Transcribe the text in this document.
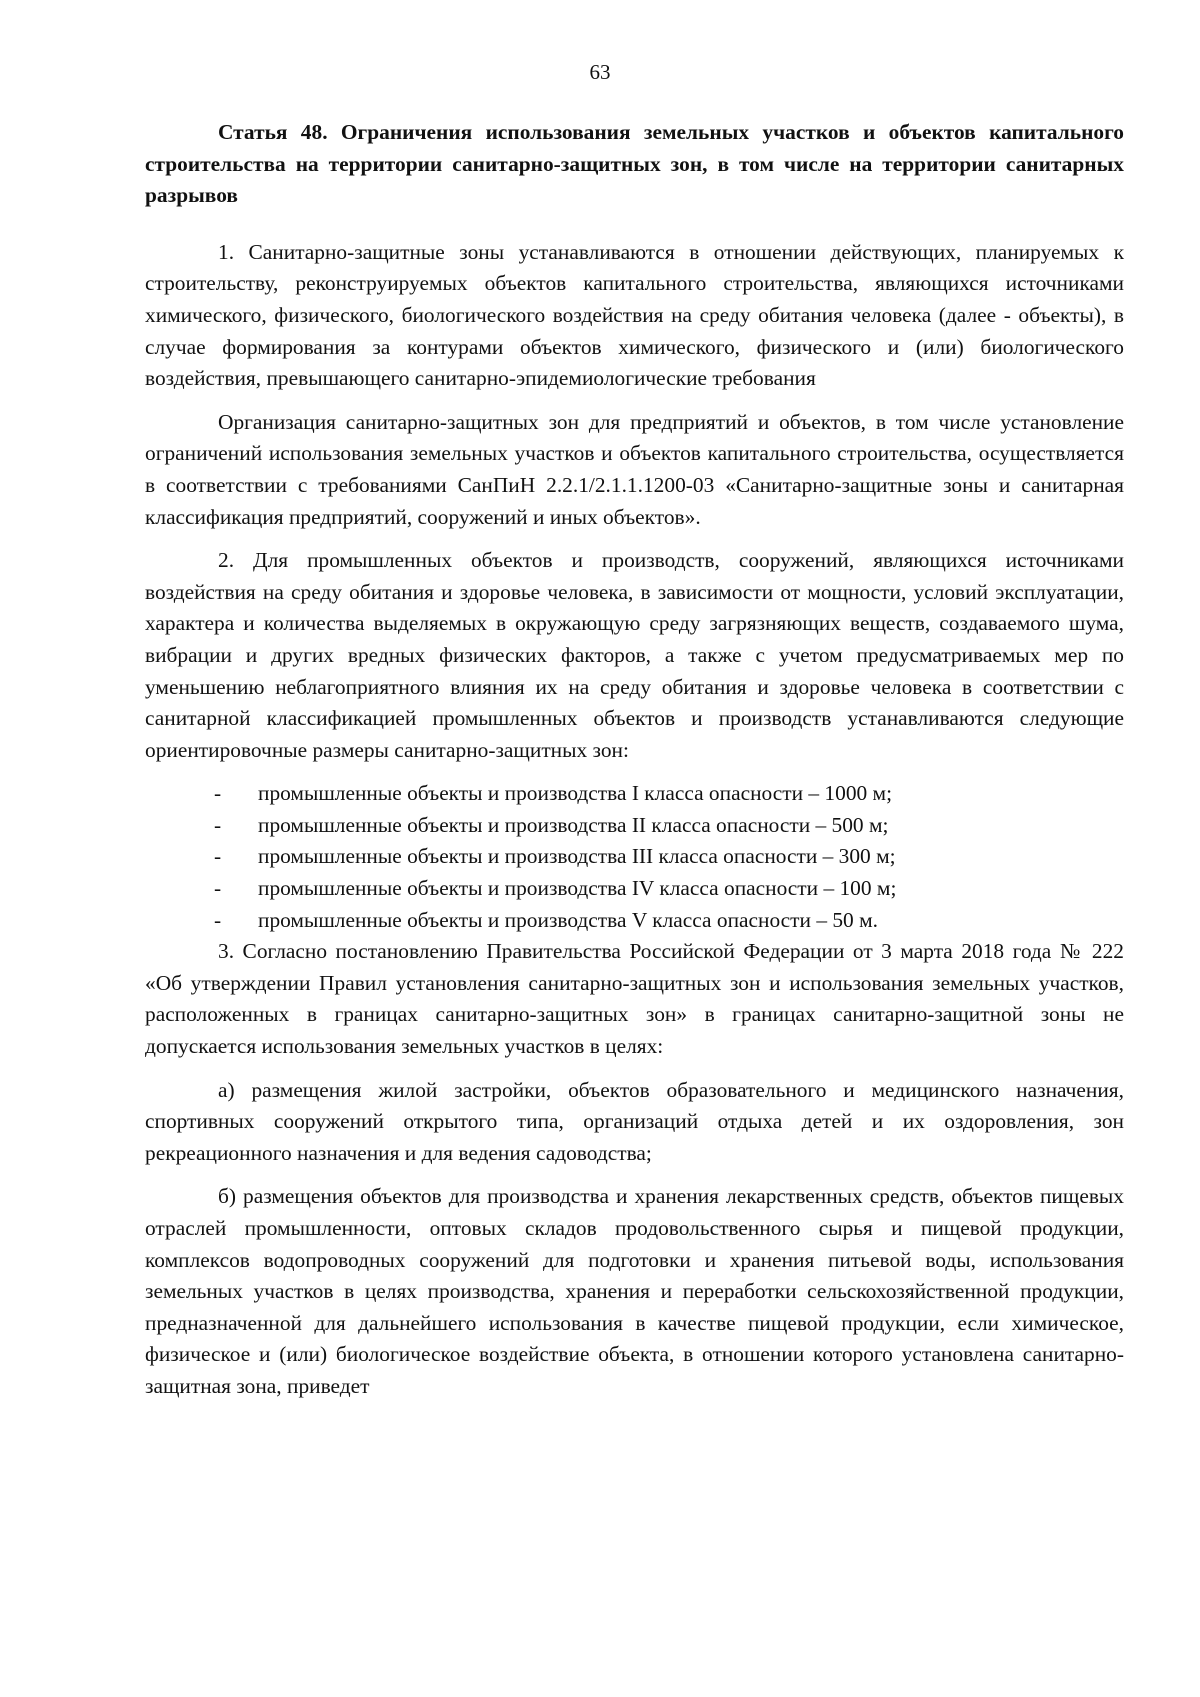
63

Статья 48. Ограничения использования земельных участков и объектов капитального строительства на территории санитарно-защитных зон, в том числе на территории санитарных разрывов

1. Санитарно-защитные зоны устанавливаются в отношении действующих, планируемых к строительству, реконструируемых объектов капитального строительства, являющихся источниками химического, физического, биологического воздействия на среду обитания человека (далее - объекты), в случае формирования за контурами объектов химического, физического и (или) биологического воздействия, превышающего санитарно-эпидемиологические требования

Организация санитарно-защитных зон для предприятий и объектов, в том числе установление ограничений использования земельных участков и объектов капитального строительства, осуществляется в соответствии с требованиями СанПиН 2.2.1/2.1.1.1200-03 «Санитарно-защитные зоны и санитарная классификация предприятий, сооружений и иных объектов».

2. Для промышленных объектов и производств, сооружений, являющихся источниками воздействия на среду обитания и здоровье человека, в зависимости от мощности, условий эксплуатации, характера и количества выделяемых в окружающую среду загрязняющих веществ, создаваемого шума, вибрации и других вредных физических факторов, а также с учетом предусматриваемых мер по уменьшению неблагоприятного влияния их на среду обитания и здоровье человека в соответствии с санитарной классификацией промышленных объектов и производств устанавливаются следующие ориентировочные размеры санитарно-защитных зон:

- промышленные объекты и производства I класса опасности – 1000 м;
- промышленные объекты и производства II класса опасности – 500 м;
- промышленные объекты и производства III класса опасности – 300 м;
- промышленные объекты и производства IV класса опасности – 100 м;
- промышленные объекты и производства V класса опасности – 50 м.

3. Согласно постановлению Правительства Российской Федерации от 3 марта 2018 года № 222 «Об утверждении Правил установления санитарно-защитных зон и использования земельных участков, расположенных в границах санитарно-защитных зон» в границах санитарно-защитной зоны не допускается использования земельных участков в целях:

а) размещения жилой застройки, объектов образовательного и медицинского назначения, спортивных сооружений открытого типа, организаций отдыха детей и их оздоровления, зон рекреационного назначения и для ведения садоводства;

б) размещения объектов для производства и хранения лекарственных средств, объектов пищевых отраслей промышленности, оптовых складов продовольственного сырья и пищевой продукции, комплексов водопроводных сооружений для подготовки и хранения питьевой воды, использования земельных участков в целях производства, хранения и переработки сельскохозяйственной продукции, предназначенной для дальнейшего использования в качестве пищевой продукции, если химическое, физическое и (или) биологическое воздействие объекта, в отношении которого установлена санитарно-защитная зона, приведет
